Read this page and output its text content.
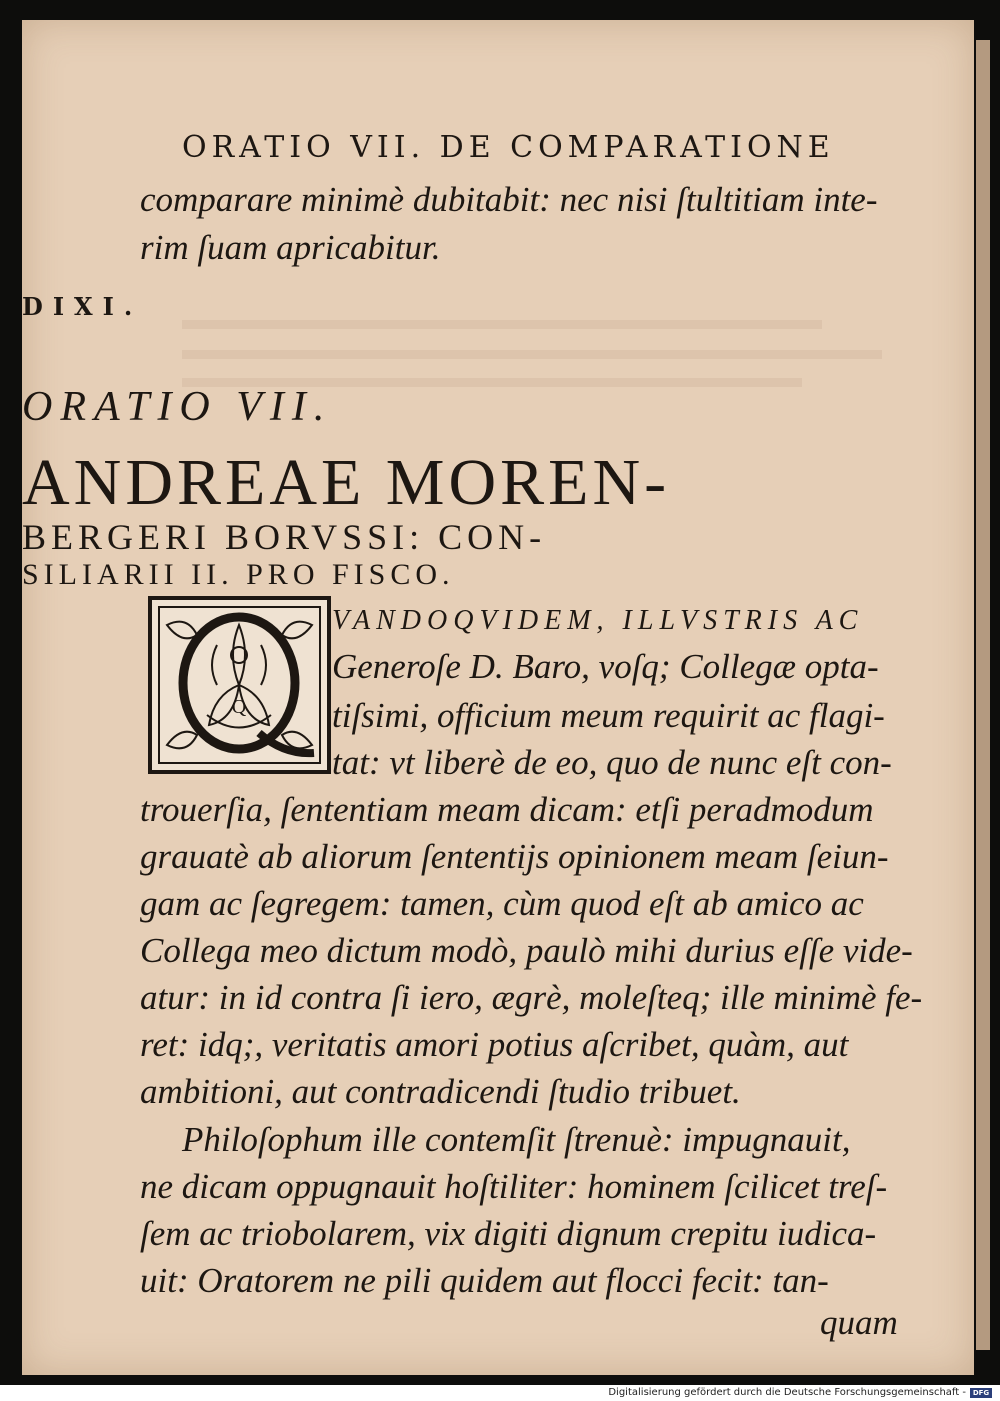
ORATIO VII. DE COMPARATIONE
comparare minimè dubitabit: nec nisi ſtultitiam inte-
rim ſuam apricabitur.
DIXI.
ORATIO VII.
ANDREAE MOREN-
BERGERI BORVSSI: CON-
SILIARII II. PRO FISCO.
Q
VANDOQVIDEM, ILLVSTRIS AC
Generoſe D. Baro, voſq; Collegæ opta-
tiſsimi, officium meum requirit ac flagi-
tat: vt liberè de eo, quo de nunc eſt con-
trouerſia, ſententiam meam dicam: etſi peradmodum
grauatè ab aliorum ſententijs opinionem meam ſeiun-
gam ac ſegregem: tamen, cùm quod eſt ab amico ac
Collega meo dictum modò, paulò mihi durius eſſe vide-
atur: in id contra ſi iero, ægrè, moleſteq; ille minimè fe-
ret: idq;, veritatis amori potius aſcribet, quàm, aut
ambitioni, aut contradicendi ſtudio tribuet.
Philoſophum ille contemſit ſtrenuè: impugnauit,
ne dicam oppugnauit hoſtiliter: hominem ſcilicet treſ-
ſem ac triobolarem, vix digiti dignum crepitu iudica-
uit: Oratorem ne pili quidem aut flocci fecit: tan-
quam
Digitalisierung gefördert durch die Deutsche Forschungsgemeinschaft - DFG
